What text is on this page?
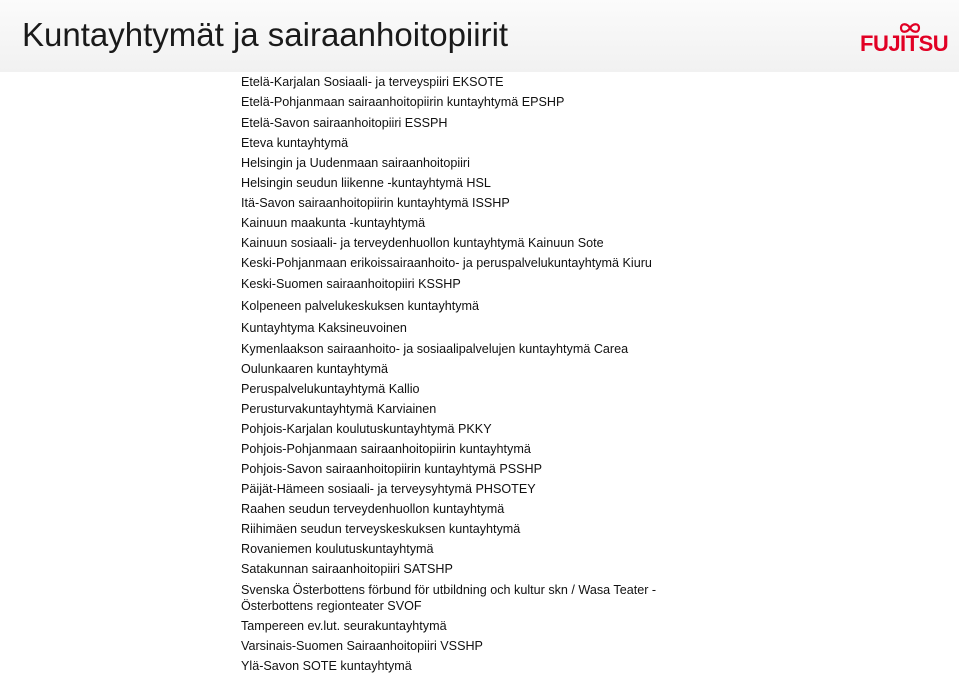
Kuntayhtymät ja sairaanhoitopiirit	FUJITSU
Etelä-Karjalan Sosiaali- ja terveyspiiri EKSOTE
Etelä-Pohjanmaan sairaanhoitopiirin kuntayhtymä EPSHP
Etelä-Savon sairaanhoitopiiri ESSPH
Eteva kuntayhtymä
Helsingin ja Uudenmaan sairaanhoitopiiri
Helsingin seudun liikenne -kuntayhtymä HSL
Itä-Savon sairaanhoitopiirin kuntayhtymä ISSHP
Kainuun maakunta -kuntayhtymä
Kainuun sosiaali- ja terveydenhuollon kuntayhtymä Kainuun Sote
Keski-Pohjanmaan erikoissairaanhoito- ja peruspalvelukuntayhtymä Kiuru
Keski-Suomen sairaanhoitopiiri KSSHP
Kolpeneen palvelukeskuksen kuntayhtymä
Kuntayhtyma Kaksineuvoinen
Kymenlaakson sairaanhoito- ja sosiaalipalvelujen kuntayhtymä Carea
Oulunkaaren kuntayhtymä
Peruspalvelukuntayhtymä Kallio
Perusturvakuntayhtymä Karviainen
Pohjois-Karjalan koulutuskuntayhtymä PKKY
Pohjois-Pohjanmaan sairaanhoitopiirin kuntayhtymä
Pohjois-Savon sairaanhoitopiirin kuntayhtymä PSSHP
Päijät-Hämeen sosiaali- ja terveysyhtymä PHSOTEY
Raahen seudun terveydenhuollon kuntayhtymä
Riihimäen seudun terveyskeskuksen kuntayhtymä
Rovaniemen koulutuskuntayhtymä
Satakunnan sairaanhoitopiiri SATSHP
Svenska Österbottens förbund för utbildning och kultur skn / Wasa Teater - Österbottens regionteater SVOF
Tampereen ev.lut. seurakuntayhtymä
Varsinais-Suomen Sairaanhoitopiiri VSSHP
Ylä-Savon SOTE kuntayhtymä
